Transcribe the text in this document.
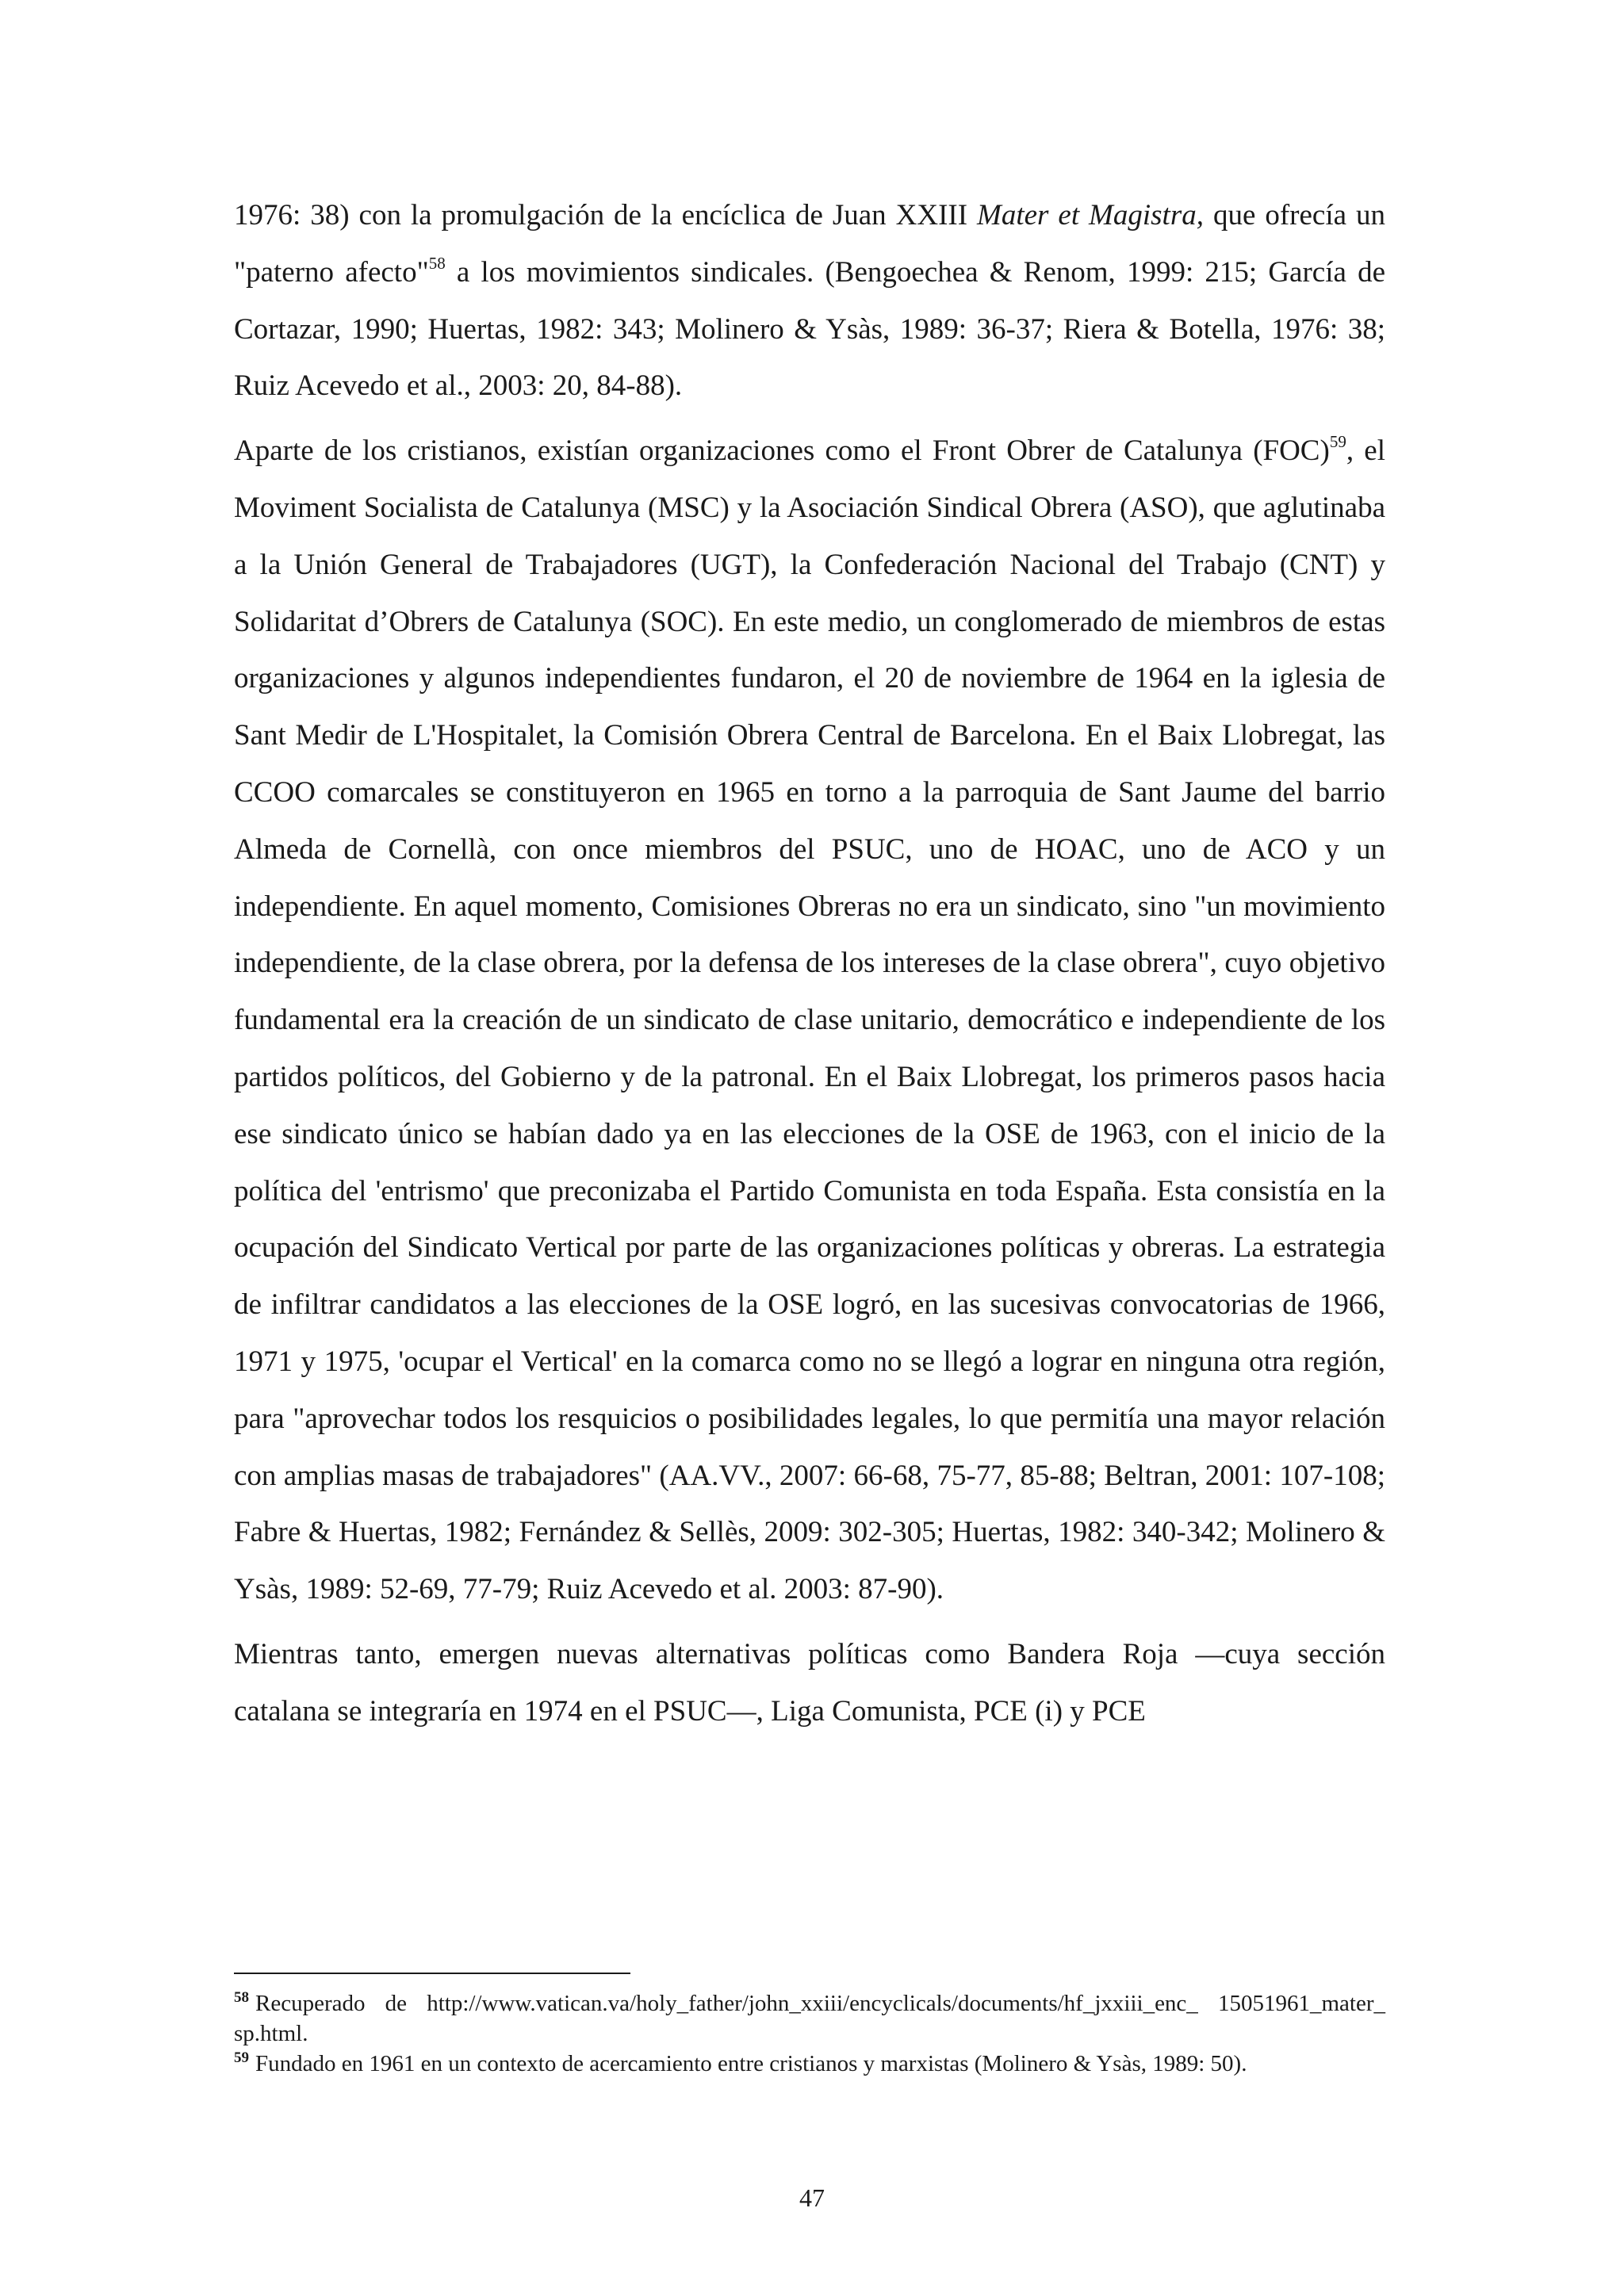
1976: 38) con la promulgación de la encíclica de Juan XXIII Mater et Magistra, que ofrecía un "paterno afecto"$^{58}$ a los movimientos sindicales. (Bengoechea & Renom, 1999: 215; García de Cortazar, 1990; Huertas, 1982: 343; Molinero & Ysàs, 1989: 36-37; Riera & Botella, 1976: 38; Ruiz Acevedo et al., 2003: 20, 84-88).

Aparte de los cristianos, existían organizaciones como el Front Obrer de Catalunya (FOC)$^{59}$, el Moviment Socialista de Catalunya (MSC) y la Asociación Sindical Obrera (ASO), que aglutinaba a la Unión General de Trabajadores (UGT), la Confederación Nacional del Trabajo (CNT) y Solidaritat d’Obrers de Catalunya (SOC). En este medio, un conglomerado de miembros de estas organizaciones y algunos independientes fundaron, el 20 de noviembre de 1964 en la iglesia de Sant Medir de L'Hospitalet, la Comisión Obrera Central de Barcelona. En el Baix Llobregat, las CCOO comarcales se constituyeron en 1965 en torno a la parroquia de Sant Jaume del barrio Almeda de Cornellà, con once miembros del PSUC, uno de HOAC, uno de ACO y un independiente. En aquel momento, Comisiones Obreras no era un sindicato, sino "un movimiento independiente, de la clase obrera, por la defensa de los intereses de la clase obrera", cuyo objetivo fundamental era la creación de un sindicato de clase unitario, democrático e independiente de los partidos políticos, del Gobierno y de la patronal. En el Baix Llobregat, los primeros pasos hacia ese sindicato único se habían dado ya en las elecciones de la OSE de 1963, con el inicio de la política del 'entrismo' que preconizaba el Partido Comunista en toda España. Esta consistía en la ocupación del Sindicato Vertical por parte de las organizaciones políticas y obreras. La estrategia de infiltrar candidatos a las elecciones de la OSE logró, en las sucesivas convocatorias de 1966, 1971 y 1975, 'ocupar el Vertical' en la comarca como no se llegó a lograr en ninguna otra región, para "aprovechar todos los resquicios o posibilidades legales, lo que permitía una mayor relación con amplias masas de trabajadores" (AA.VV., 2007: 66-68, 75-77, 85-88; Beltran, 2001: 107-108; Fabre & Huertas, 1982; Fernández & Sellès, 2009: 302-305; Huertas, 1982: 340-342; Molinero & Ysàs, 1989: 52-69, 77-79; Ruiz Acevedo et al. 2003: 87-90).

Mientras tanto, emergen nuevas alternativas políticas como Bandera Roja —cuya sección catalana se integraría en 1974 en el PSUC—, Liga Comunista, PCE (i) y PCE

$^{58}$ Recuperado de http://www.vatican.va/holy_father/john_xxiii/encyclicals/documents/hf_jxxiii_enc_ 15051961_mater_ sp.html.

$^{59}$ Fundado en 1961 en un contexto de acercamiento entre cristianos y marxistas (Molinero & Ysàs, 1989: 50).

47
